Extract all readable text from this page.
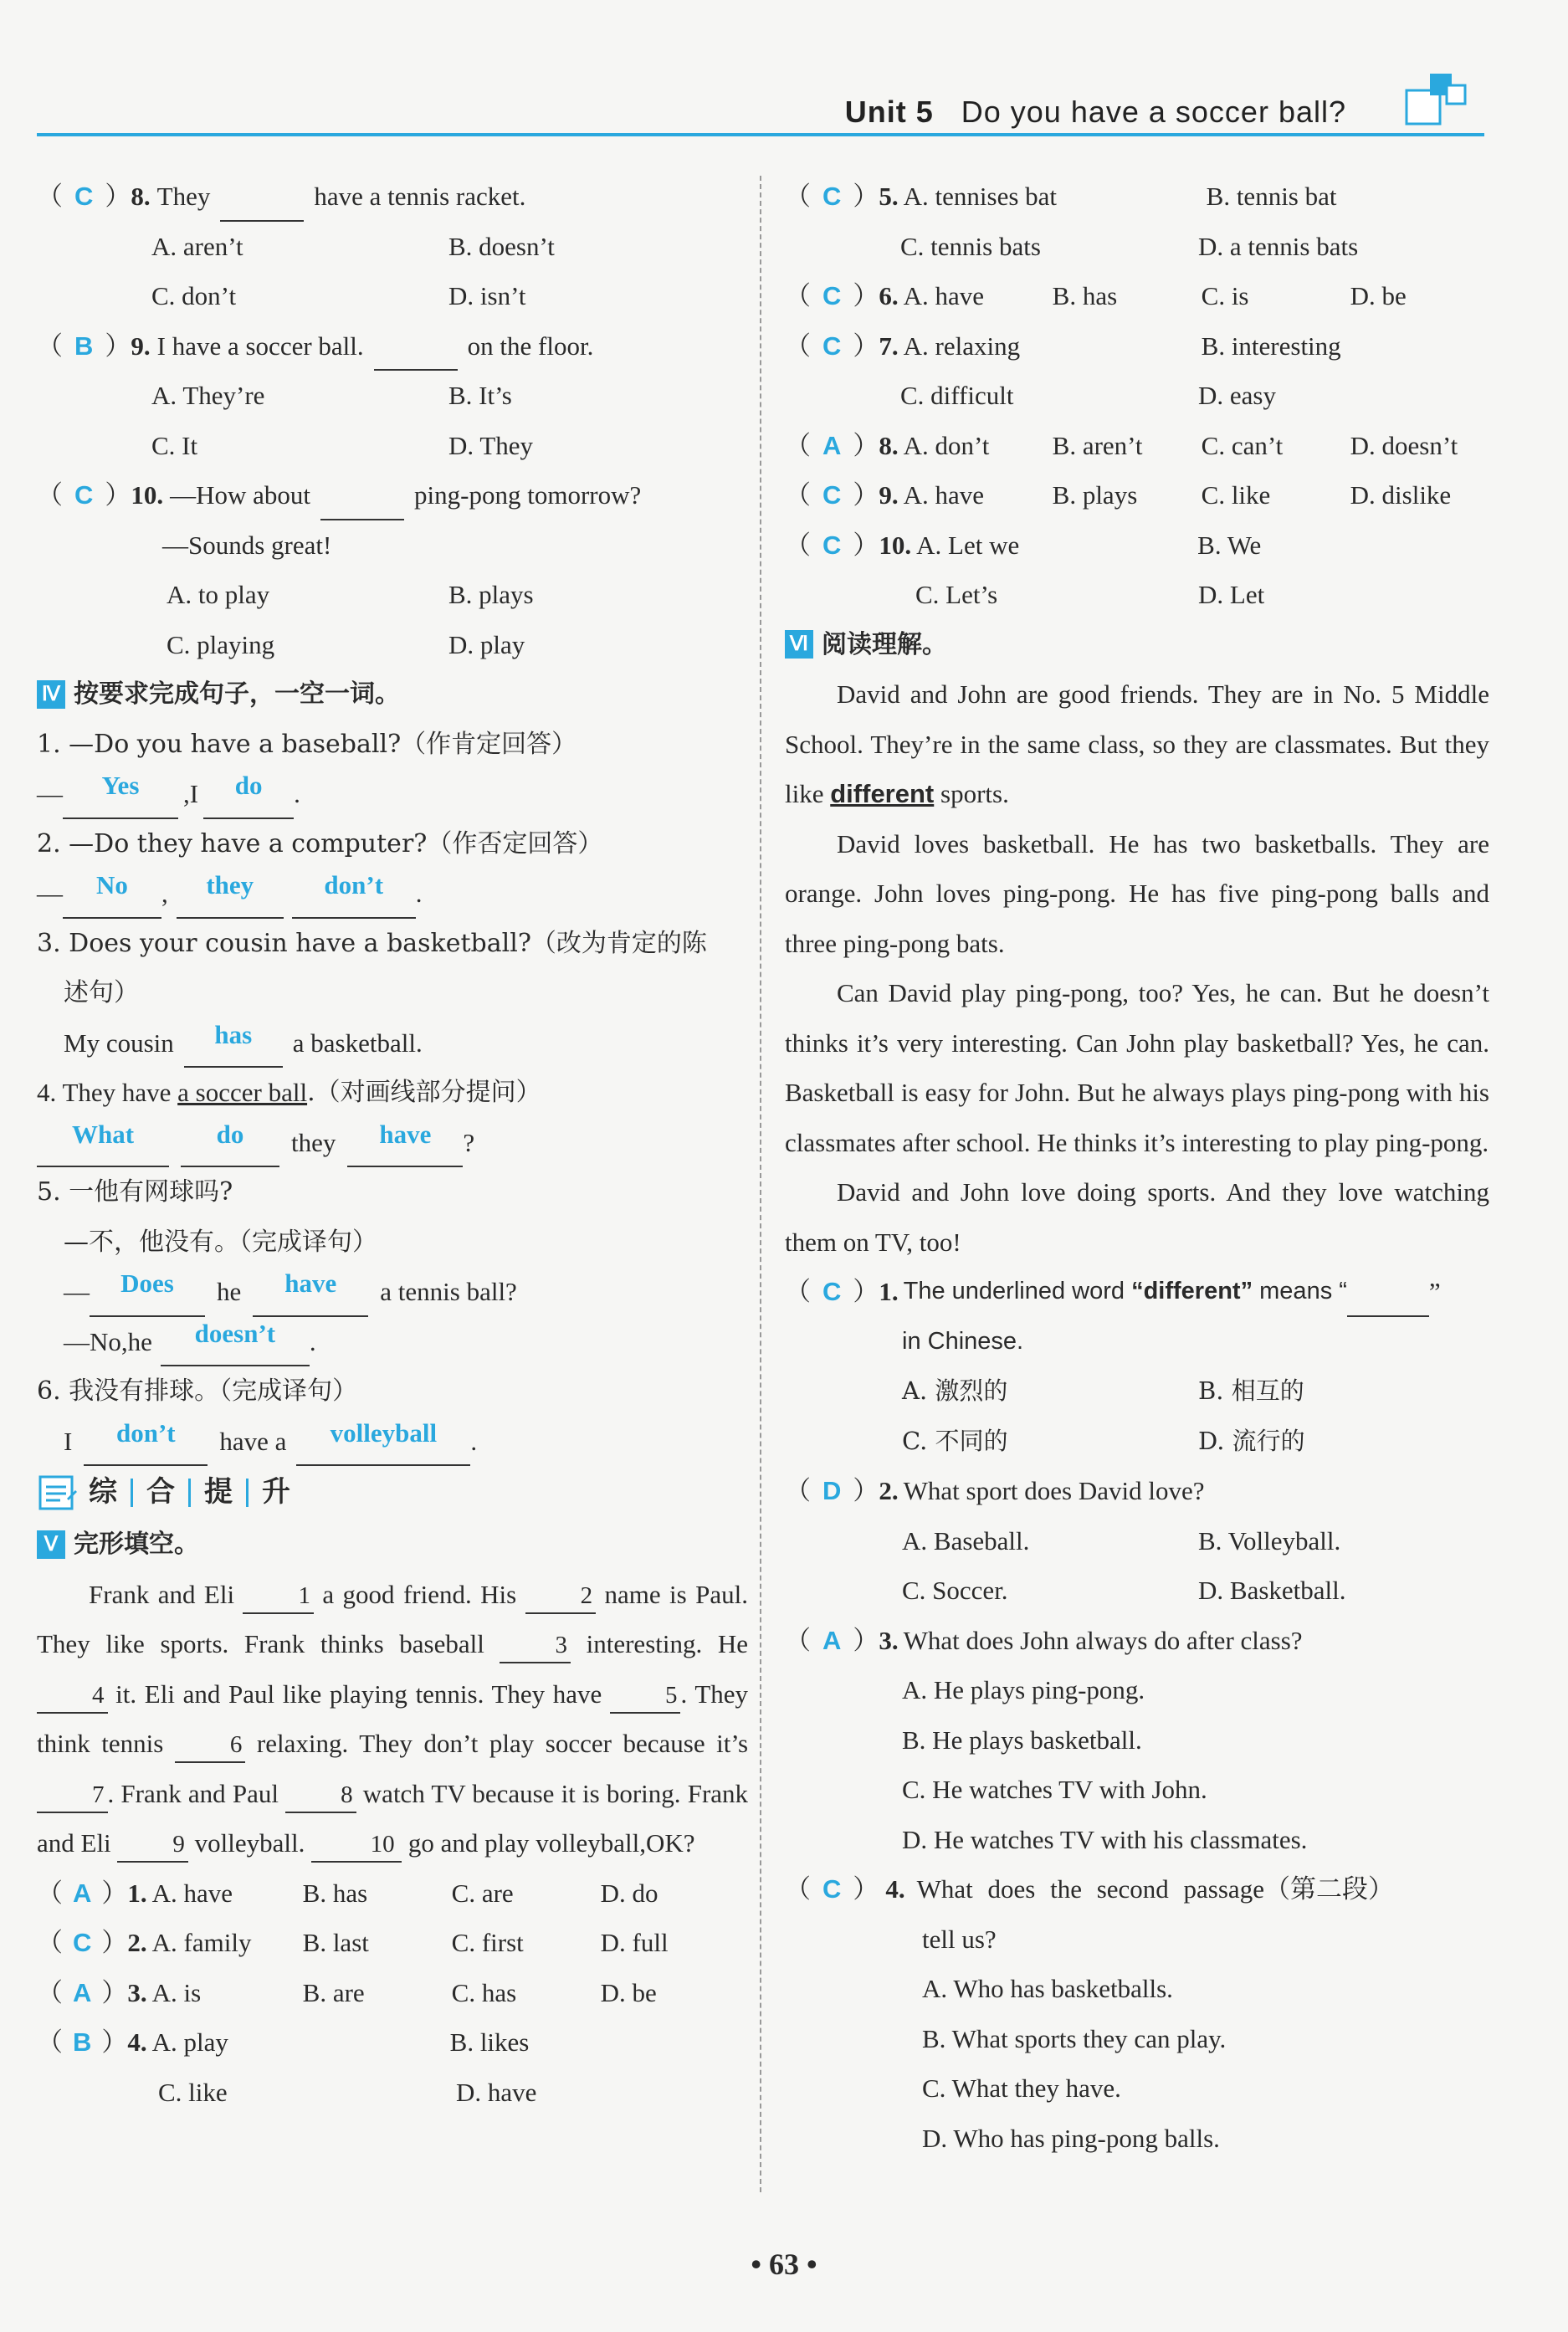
Unit 5 Do you have a soccer ball?
（ C ） 8. They	have a tennis racket.
A. aren’t	B. doesn’t
C. don’t	D. isn’t
（ B ） 9. I have a soccer ball.	on the floor.
A. They’re	B. It’s
C. It	D. They
（ C ） 10. —How about	ping-pong tomorrow?
—Sounds great!
A. to play	B. plays
C. playing	D. play
Ⅳ 按要求完成句子，一空一词。
1. —Do you have a baseball?（作肯定回答）
—	Yes	,I	do	.
2. —Do they have a computer?（作否定回答）
—	No	,	they	don’t	.
3. Does your cousin have a basketball?（改为肯定的陈
述句）
My cousin	has	a basketball.
4. They have a soccer ball .（对画线部分提问）
What	do	they	have	?
5. 一他有网球吗?
—不，他没有。（完成译句）
—	Does	he	have	a tennis ball?
—No,he	doesn’t	.
6. 我没有排球。（完成译句）
I	don’t	have a	volleyball	.
综 合 提 升
Ⅴ 完形填空。
Frank and Eli	1 a good friend. His	2 name is Paul. They like sports. Frank thinks baseball	3 interesting. He 4 it. Eli and Paul like playing tennis. They have	5 . They think tennis	6 relaxing. They don’t play soccer because it’s 7 . Frank and Paul	8 watch TV because it is boring. Frank and Eli	9 volleyball.	10 go and play volleyball,OK?
（ A ） 1. A. have	B. has	C. are	D. do
（ C ） 2. A. family	B. last	C. first	D. full
（ A ） 3. A. is	B. are	C. has	D. be
（ B ） 4. A. play	B. likes
C. like	D. have
（ C ） 5. A. tennises bat	B. tennis bat
C. tennis bats	D. a tennis bats
（ C ） 6. A. have	B. has	C. is	D. be
（ C ） 7. A. relaxing	B. interesting
C. difficult	D. easy
（ A ） 8. A. don’t	B. aren’t	C. can’t	D. doesn’t
（ C ） 9. A. have	B. plays	C. like	D. dislike
（ C ） 10. A. Let we	B. We
C. Let’s	D. Let
Ⅵ 阅读理解。
David and John are good friends. They are in No. 5 Middle School. They’re in the same class, so they are classmates. But they like different sports.
David loves basketball. He has two basketballs. They are orange. John loves ping-pong. He has five ping-pong balls and three ping-pong bats.
Can David play ping-pong, too? Yes, he can. But he doesn’t thinks it’s very interesting. Can John play basketball? Yes, he can. Basketball is easy for John. But he always plays ping-pong with his classmates after school. He thinks it’s interesting to play ping-pong.
David and John love doing sports. And they love watching them on TV, too!
（ C ） 1. The underlined word “different” means “	”
in Chinese.
A. 激烈的	B. 相互的
C. 不同的	D. 流行的
（ D ） 2. What sport does David love?
A. Baseball.	B. Volleyball.
C. Soccer.	D. Basketball.
（ A ） 3. What does John always do after class?
A. He plays ping-pong.
B. He plays basketball.
C. He watches TV with John.
D. He watches TV with his classmates.
（ C ） 4. What does the second passage（第二段）
tell us?
A. Who has basketballs.
B. What sports they can play.
C. What they have.
D. Who has ping-pong balls.
• 63 •
